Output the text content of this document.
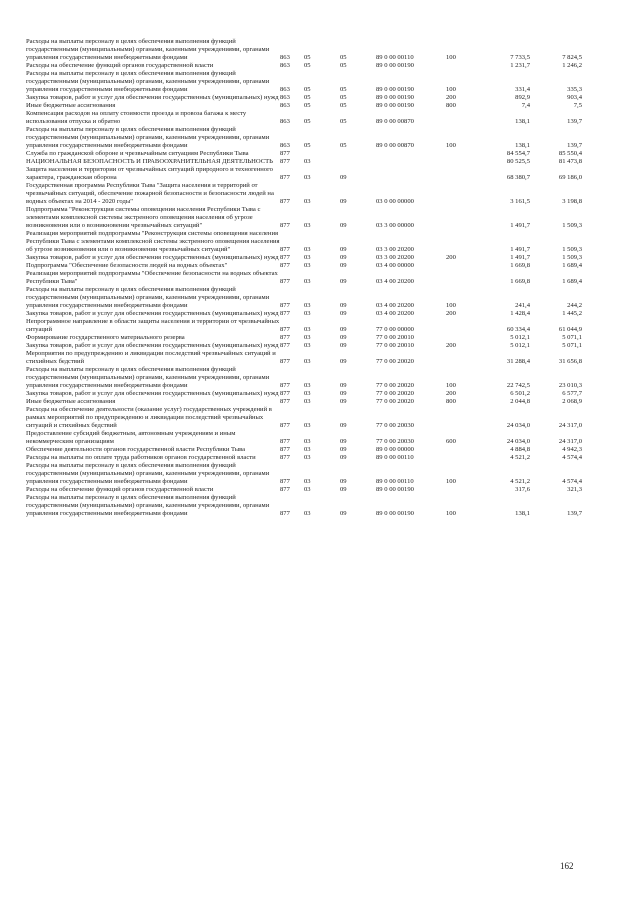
Расходы на выплаты персоналу в целях обеспечения выполнения функций государственными (муниципальными) органами, казенными учреждениями, органами управления государственными внебюджетными фондами	863	05	05	89 0 00 00110	100	7 733,5	7 824,5
Расходы на обеспечение функций органов государственной власти	863	05	05	89 0 00 00190		1 231,7	1 246,2
Расходы на выплаты персоналу в целях обеспечения выполнения функций государственными (муниципальными) органами, казенными учреждениями, органами управления государственными внебюджетными фондами	863	05	05	89 0 00 00190	100	331,4	335,3
Закупка товаров, работ и услуг для обеспечения государственных (муниципальных) нужд	863	05	05	89 0 00 00190	200	892,9	903,4
Иные бюджетные ассигнования	863	05	05	89 0 00 00190	800	7,4	7,5
Компенсация расходов на оплату стоимости проезда и провоза багажа к месту использования отпуска и обратно	863	05	05	89 0 00 00870		138,1	139,7
Расходы на выплаты персоналу в целях обеспечения выполнения функций государственными (муниципальными) органами, казенными учреждениями, органами управления государственными внебюджетными фондами	863	05	05	89 0 00 00870	100	138,1	139,7
Служба по гражданской обороне и чрезвычайным ситуациям Республики Тыва	877					84 554,7	85 550,4
НАЦИОНАЛЬНАЯ БЕЗОПАСНОСТЬ И ПРАВООХРАНИТЕЛЬНАЯ ДЕЯТЕЛЬНОСТЬ	877	03				80 525,5	81 473,8
Защита населения и территории от чрезвычайных ситуаций природного и техногенного характера, гражданская оборона	877	03	09			68 380,7	69 186,0
Государственная программа Республики Тыва "Защита населения и территорий от чрезвычайных ситуаций, обеспечение пожарной безопасности и безопасности людей на водных объектах на 2014 - 2020 годы"	877	03	09	03 0 00 00000		3 161,5	3 198,8
Подпрограмма "Реконструкция системы оповещения населения Республики Тыва с элементами комплексной системы экстренного оповещения населения об угрозе возникновения или о возникновении чрезвычайных ситуаций"	877	03	09	03 3 00 00000		1 491,7	1 509,3
Реализация мероприятий подпрограммы "Реконструкция системы оповещения населения Республики Тыва с элементами комплексной системы экстренного оповещения населения об угрозе возникновения или о возникновении чрезвычайных ситуаций"	877	03	09	03 3 00 20200		1 491,7	1 509,3
Закупка товаров, работ и услуг для обеспечения государственных (муниципальных) нужд	877	03	09	03 3 00 20200	200	1 491,7	1 509,3
Подпрограмма "Обеспечение безопасности людей на водных объектах"	877	03	09	03 4 00 00000		1 669,8	1 689,4
Реализация мероприятий подпрограммы "Обеспечение безопасности на водных объектах Республики Тыва"	877	03	09	03 4 00 20200		1 669,8	1 689,4
Расходы на выплаты персоналу в целях обеспечения выполнения функций государственными (муниципальными) органами, казенными учреждениями, органами управления государственными внебюджетными фондами	877	03	09	03 4 00 20200	100	241,4	244,2
Закупка товаров, работ и услуг для обеспечения государственных (муниципальных) нужд	877	03	09	03 4 00 20200	200	1 428,4	1 445,2
Непрограммное направление в области защиты населения и территории от чрезвычайных ситуаций	877	03	09	77 0 00 00000		60 334,4	61 044,9
Формирование государственного материального резерва	877	03	09	77 0 00 20010		5 012,1	5 071,1
Закупка товаров, работ и услуг для обеспечения государственных (муниципальных) нужд	877	03	09	77 0 00 20010	200	5 012,1	5 071,1
Мероприятия по предупреждению и ликвидации последствий чрезвычайных ситуаций и стихийных бедствий	877	03	09	77 0 00 20020		31 288,4	31 656,8
Расходы на выплаты персоналу в целях обеспечения выполнения функций государственными (муниципальными) органами, казенными учреждениями, органами управления государственными внебюджетными фондами	877	03	09	77 0 00 20020	100	22 742,5	23 010,3
Закупка товаров, работ и услуг для обеспечения государственных (муниципальных) нужд	877	03	09	77 0 00 20020	200	6 501,2	6 577,7
Иные бюджетные ассигнования	877	03	09	77 0 00 20020	800	2 044,8	2 068,9
Расходы на обеспечение деятельности (оказание услуг) государственных учреждений в рамках мероприятий по предупреждению и ликвидации последствий чрезвычайных ситуаций и стихийных бедствий	877	03	09	77 0 00 20030		24 034,0	24 317,0
Предоставление субсидий бюджетным, автономным учреждениям и иным некоммерческим организациям	877	03	09	77 0 00 20030	600	24 034,0	24 317,0
Обеспечение деятельности органов государственной власти Республики Тыва	877	03	09	89 0 00 00000		4 884,8	4 942,3
Расходы на выплаты по оплате труда работников органов государственной власти	877	03	09	89 0 00 00110		4 521,2	4 574,4
Расходы на выплаты персоналу в целях обеспечения выполнения функций государственными (муниципальными) органами, казенными учреждениями, органами управления государственными внебюджетными фондами	877	03	09	89 0 00 00110	100	4 521,2	4 574,4
Расходы на обеспечение функций органов государственной власти	877	03	09	89 0 00 00190		317,6	321,3
Расходы на выплаты персоналу в целях обеспечения выполнения функций государственными (муниципальными) органами, казенными учреждениями, органами управления государственными внебюджетными фондами	877	03	09	89 0 00 00190	100	138,1	139,7
162
